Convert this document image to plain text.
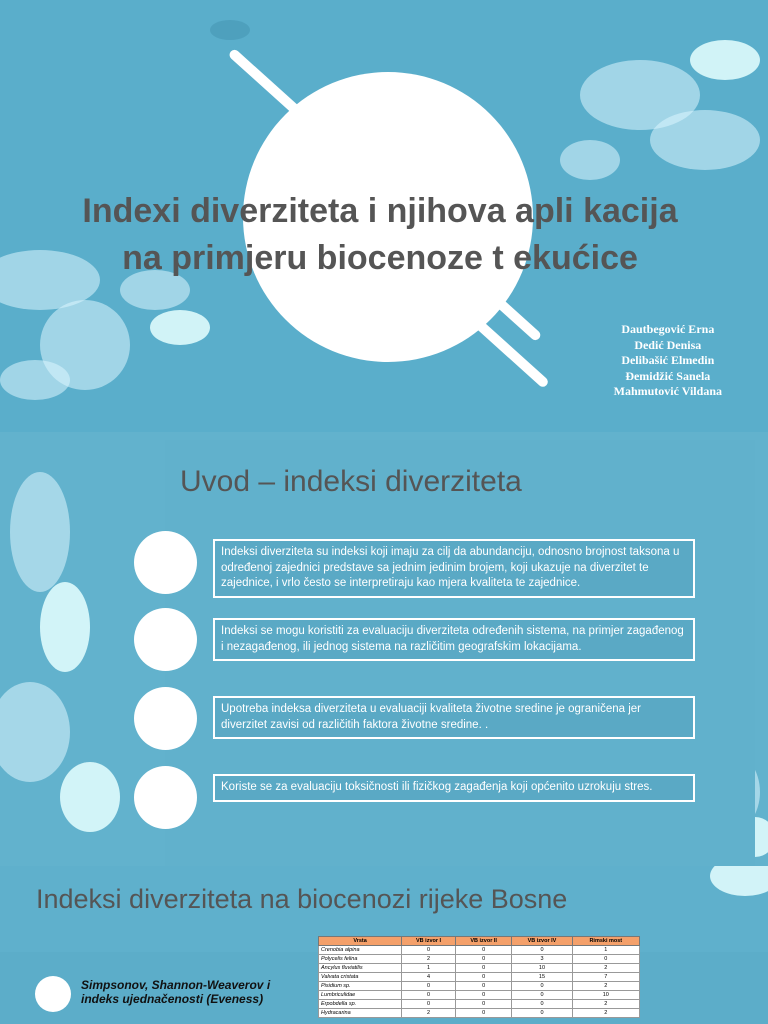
Indexi diverziteta i njihova apli kacija na primjeru biocenoze t ekućice
Dautbegović Erna
Dedić Denisa
Delibašić Elmedin
Đemidžić Sanela
Mahmutović Vildana
Uvod – indeksi diverziteta
Indeksi diverziteta su indeksi koji imaju za cilj da abundanciju, odnosno brojnost taksona u određenoj zajednici predstave sa jednim jedinim brojem, koji ukazuje na diverzitet te zajednice, i vrlo često se interpretiraju kao mjera kvaliteta te zajednice.
Indeksi se mogu koristiti za evaluaciju diverziteta određenih sistema, na primjer zagađenog i nezagađenog, ili jednog sistema na različitim geografskim lokacijama.
Upotreba indeksa diverziteta u evaluaciji kvaliteta životne sredine je ograničena jer diverzitet zavisi od različitih faktora životne sredine. .
Koriste se za evaluaciju toksičnosti ili fizičkog zagađenja koji općenito uzrokuju stres.
Indeksi diverziteta na biocenozi rijeke Bosne
Simpsonov, Shannon-Weaverov i indeks ujednačenosti (Eveness)
Vrsta	VB izvor I	VB izvor II	VB izvor IV	Rimski most
Crenobia alpina	0	0	0	1
Polycelis felina	2	0	3	0
Ancylus fluviatilis	1	0	10	2
Valvata cristata	4	0	15	7
Pisidium sp.	0	0	0	2
Lumbriculidae	0	0	0	10
Erpobdella sp.	0	0	0	2
Hydracarina	2	0	0	2
